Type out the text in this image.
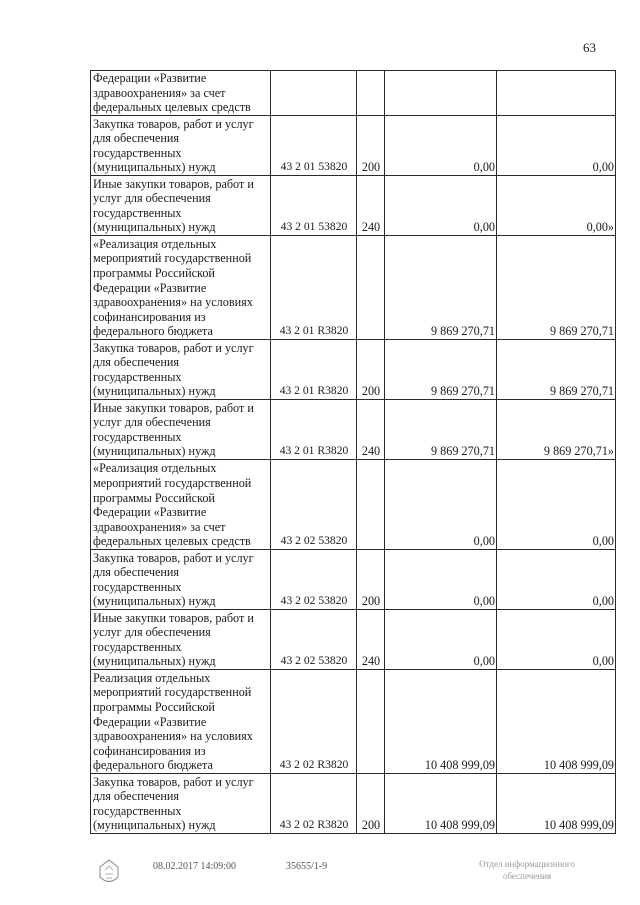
63
Федерации «Развитие здравоохранения» за счет федеральных целевых средств				
Закупка товаров, работ и услуг для обеспечения государственных (муниципальных) нужд	43 2 01 53820	200	0,00	0,00
Иные закупки товаров, работ и услуг для обеспечения государственных (муниципальных) нужд	43 2 01 53820	240	0,00	0,00»
«Реализация отдельных мероприятий государственной программы Российской Федерации «Развитие здравоохранения» на условиях софинансирования из федерального бюджета	43 2 01 R3820		9 869 270,71	9 869 270,71
Закупка товаров, работ и услуг для обеспечения государственных (муниципальных) нужд	43 2 01 R3820	200	9 869 270,71	9 869 270,71
Иные закупки товаров, работ и услуг для обеспечения государственных (муниципальных) нужд	43 2 01 R3820	240	9 869 270,71	9 869 270,71»
«Реализация отдельных мероприятий государственной программы Российской Федерации «Развитие здравоохранения» за счет федеральных целевых средств	43 2 02 53820		0,00	0,00
Закупка товаров, работ и услуг для обеспечения государственных (муниципальных) нужд	43 2 02 53820	200	0,00	0,00
Иные закупки товаров, работ и услуг для обеспечения государственных (муниципальных) нужд	43 2 02 53820	240	0,00	0,00
Реализация отдельных мероприятий государственной программы Российской Федерации «Развитие здравоохранения» на условиях софинансирования из федерального бюджета	43 2 02 R3820		10 408 999,09	10 408 999,09
Закупка товаров, работ и услуг для обеспечения государственных (муниципальных) нужд	43 2 02 R3820	200	10 408 999,09	10 408 999,09
08.02.2017 14:09:00	35655/1-9	Отдел информационного
обеспечения
